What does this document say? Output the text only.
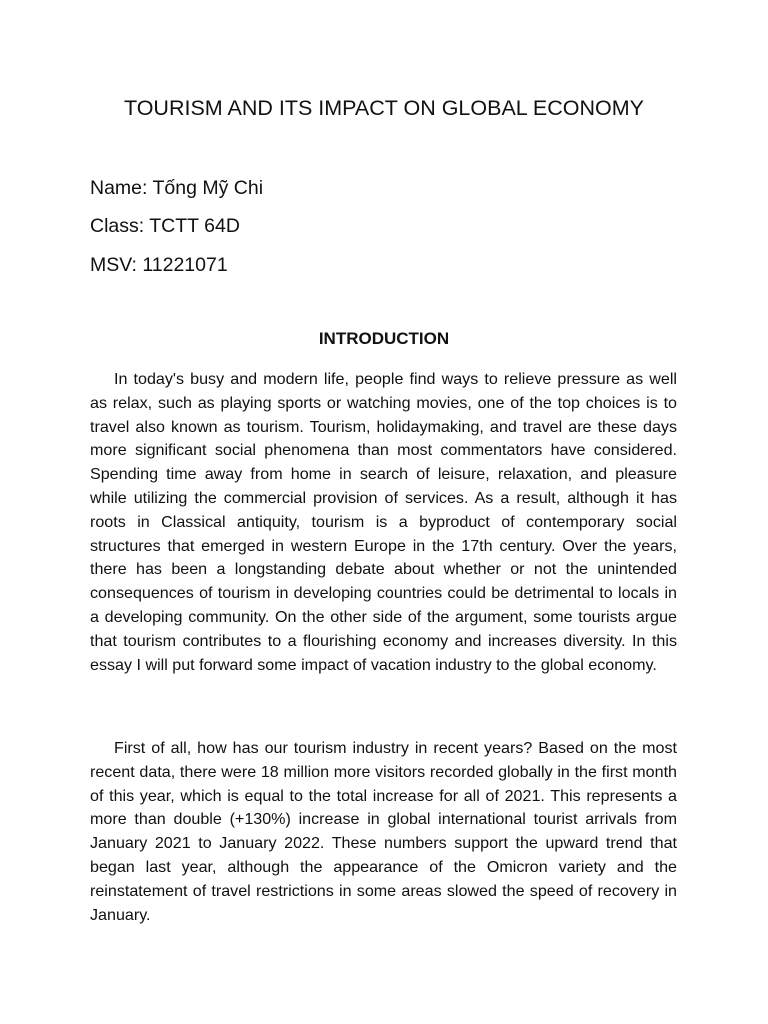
TOURISM AND ITS IMPACT ON GLOBAL ECONOMY

Name: Tống Mỹ Chi

Class: TCTT 64D

MSV: 11221071

INTRODUCTION

In today's busy and modern life, people find ways to relieve pressure as well as relax, such as playing sports or watching movies, one of the top choices is to travel also known as tourism. Tourism, holidaymaking, and travel are these days more significant social phenomena than most commentators have considered. Spending time away from home in search of leisure, relaxation, and pleasure while utilizing the commercial provision of services. As a result, although it has roots in Classical antiquity, tourism is a byproduct of contemporary social structures that emerged in western Europe in the 17th century. Over the years, there has been a longstanding debate about whether or not the unintended consequences of tourism in developing countries could be detrimental to locals in a developing community. On the other side of the argument, some tourists argue that tourism contributes to a flourishing economy and increases diversity. In this essay I will put forward some impact of vacation industry to the global economy.

First of all, how has our tourism industry in recent years? Based on the most recent data, there were 18 million more visitors recorded globally in the first month of this year, which is equal to the total increase for all of 2021. This represents a more than double (+130%) increase in global international tourist arrivals from January 2021 to January 2022. These numbers support the upward trend that began last year, although the appearance of the Omicron variety and the reinstatement of travel restrictions in some areas slowed the speed of recovery in January.
